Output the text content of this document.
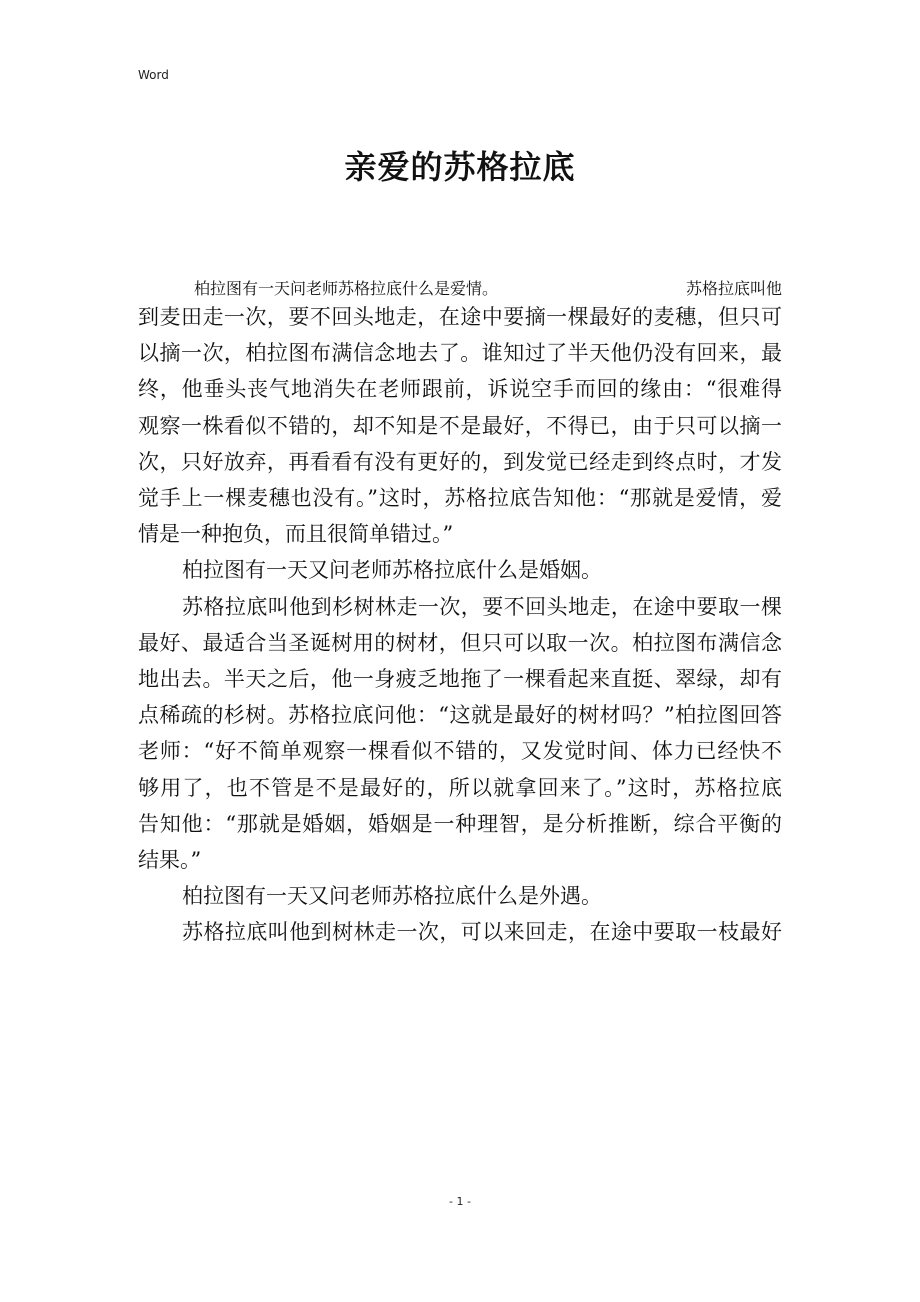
Word
亲爱的苏格拉底
柏拉图有一天问老师苏格拉底什么是爱情。	苏格拉底叫他
到麦田走一次，要不回头地走，在途中要摘一棵最好的麦穗，但只可
以摘一次，柏拉图布满信念地去了。谁知过了半天他仍没有回来，最
终，他垂头丧气地消失在老师跟前，诉说空手而回的缘由：“很难得
观察一株看似不错的，却不知是不是最好，不得已，由于只可以摘一
次，只好放弃，再看看有没有更好的，到发觉已经走到终点时，才发
觉手上一棵麦穗也没有。”这时，苏格拉底告知他：“那就是爱情，爱
情是一种抱负，而且很简单错过。”
柏拉图有一天又问老师苏格拉底什么是婚姻。
苏格拉底叫他到杉树林走一次，要不回头地走，在途中要取一棵
最好、最适合当圣诞树用的树材，但只可以取一次。柏拉图布满信念
地出去。半天之后，他一身疲乏地拖了一棵看起来直挺、翠绿，却有
点稀疏的杉树。苏格拉底问他：“这就是最好的树材吗？”柏拉图回答
老师：“好不简单观察一棵看似不错的，又发觉时间、体力已经快不
够用了，也不管是不是最好的，所以就拿回来了。”这时，苏格拉底
告知他：“那就是婚姻，婚姻是一种理智，是分析推断，综合平衡的
结果。”
柏拉图有一天又问老师苏格拉底什么是外遇。
苏格拉底叫他到树林走一次，可以来回走，在途中要取一枝最好
- 1 -
